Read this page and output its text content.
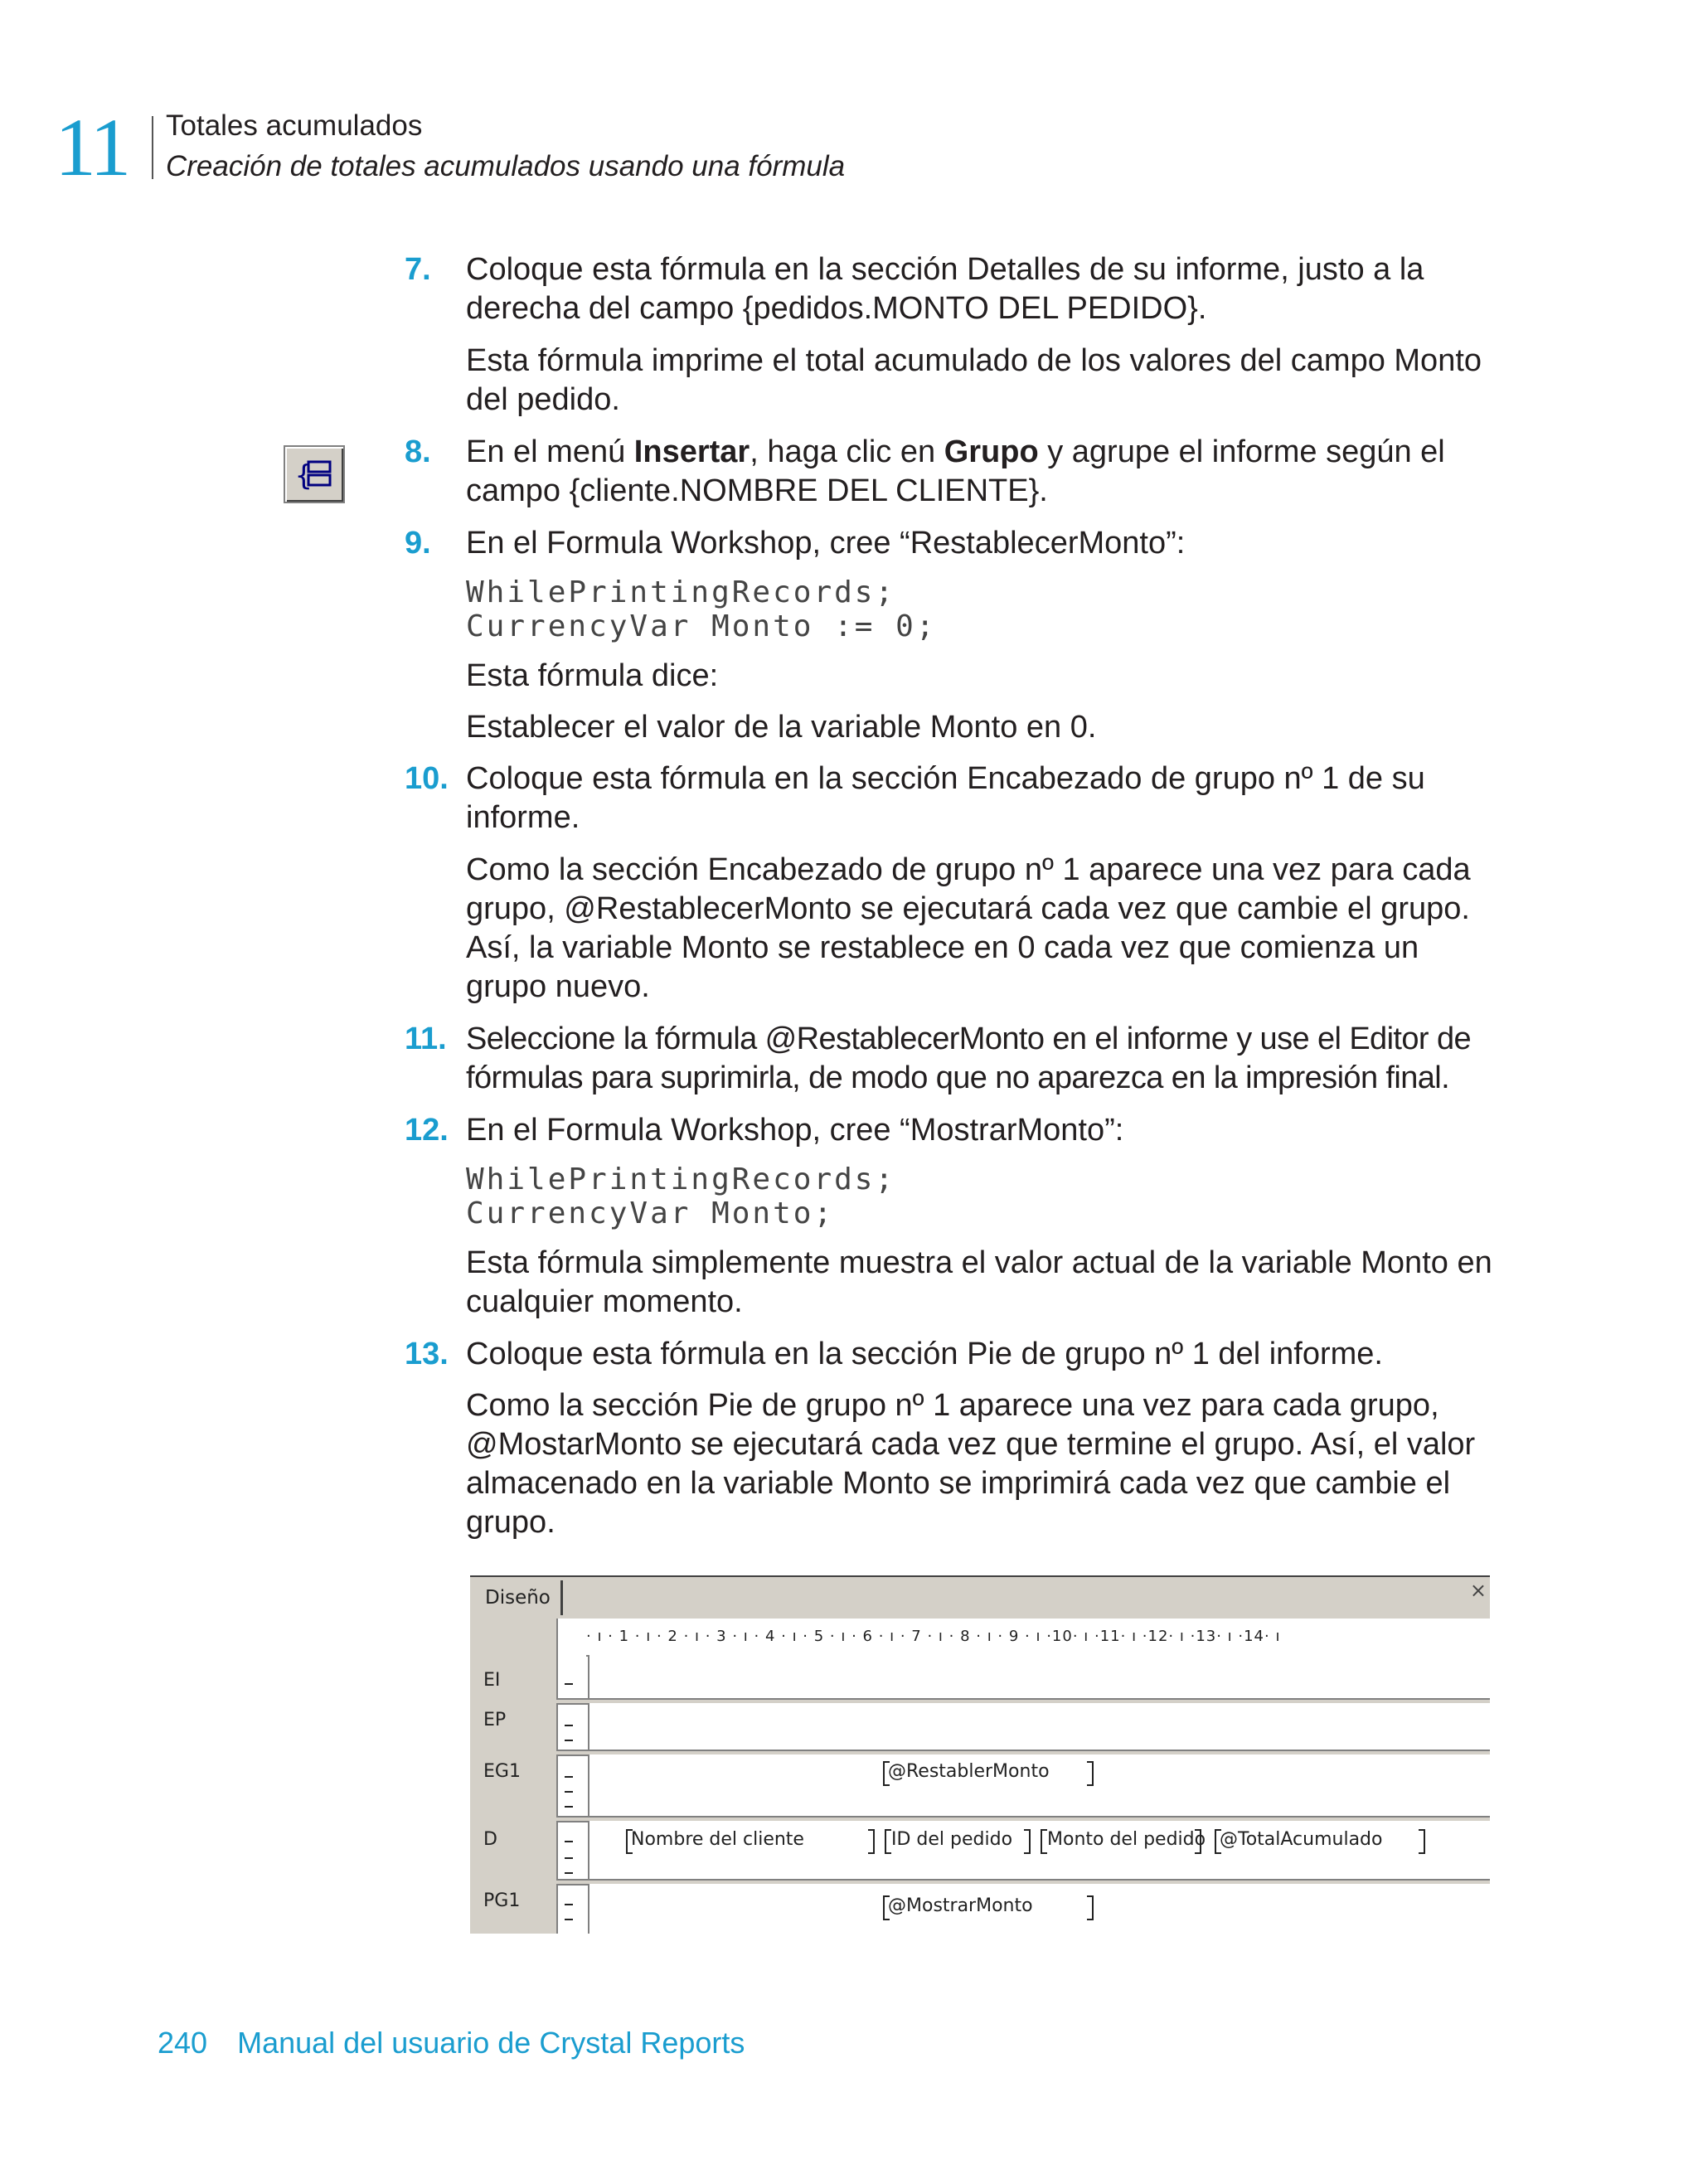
11 Totales acumulados
Creación de totales acumulados usando una fórmula
7. Coloque esta fórmula en la sección Detalles de su informe, justo a la derecha del campo {pedidos.MONTO DEL PEDIDO}.
Esta fórmula imprime el total acumulado de los valores del campo Monto del pedido.
{
8. En el menú Insertar, haga clic en Grupo y agrupe el informe según el campo {cliente.NOMBRE DEL CLIENTE}.
9. En el Formula Workshop, cree “RestablecerMonto”:
WhilePrintingRecords;
CurrencyVar Monto := 0;
Esta fórmula dice:
Establecer el valor de la variable Monto en 0.
10. Coloque esta fórmula en la sección Encabezado de grupo nº 1 de su informe.
Como la sección Encabezado de grupo nº 1 aparece una vez para cada grupo, @RestablecerMonto se ejecutará cada vez que cambie el grupo. Así, la variable Monto se restablece en 0 cada vez que comienza un grupo nuevo.
11. Seleccione la fórmula @RestablecerMonto en el informe y use el Editor de fórmulas para suprimirla, de modo que no aparezca en la impresión final.
12. En el Formula Workshop, cree “MostrarMonto”:
WhilePrintingRecords;
CurrencyVar Monto;
Esta fórmula simplemente muestra el valor actual de la variable Monto en cualquier momento.
13. Coloque esta fórmula en la sección Pie de grupo nº 1 del informe.
Como la sección Pie de grupo nº 1 aparece una vez para cada grupo, @MostarMonto se ejecutará cada vez que termine el grupo. Así, el valor almacenado en la variable Monto se imprimirá cada vez que cambie el grupo.
Diseño	×
· ı · 1 · ı · 2 · ı · 3 · ı · 4 · ı · 5 · ı · 6 · ı · 7 · ı · 8 · ı · 9 · ı ·10· ı ·11· ı ·12· ı ·13· ı ·14· ı
EI
EP
EG1	@RestablerMonto
D	Nombre del cliente	ID del pedido Monto del pedido @TotalAcumulado
PG1	@MostrarMonto
240 Manual del usuario de Crystal Reports
